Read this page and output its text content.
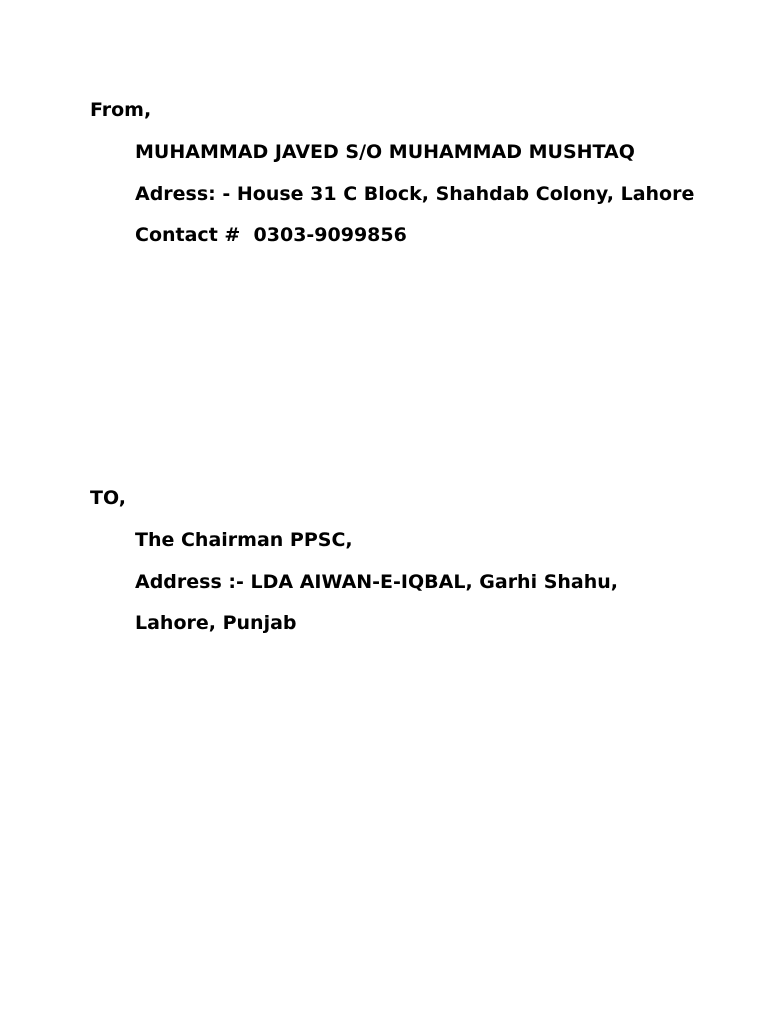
From,
MUHAMMAD JAVED S/O MUHAMMAD MUSHTAQ
Adress: - House 31 C Block, Shahdab Colony, Lahore
Contact #  0303-9099856
TO,
The Chairman PPSC,
Address :- LDA AIWAN-E-IQBAL, Garhi Shahu,
Lahore, Punjab
